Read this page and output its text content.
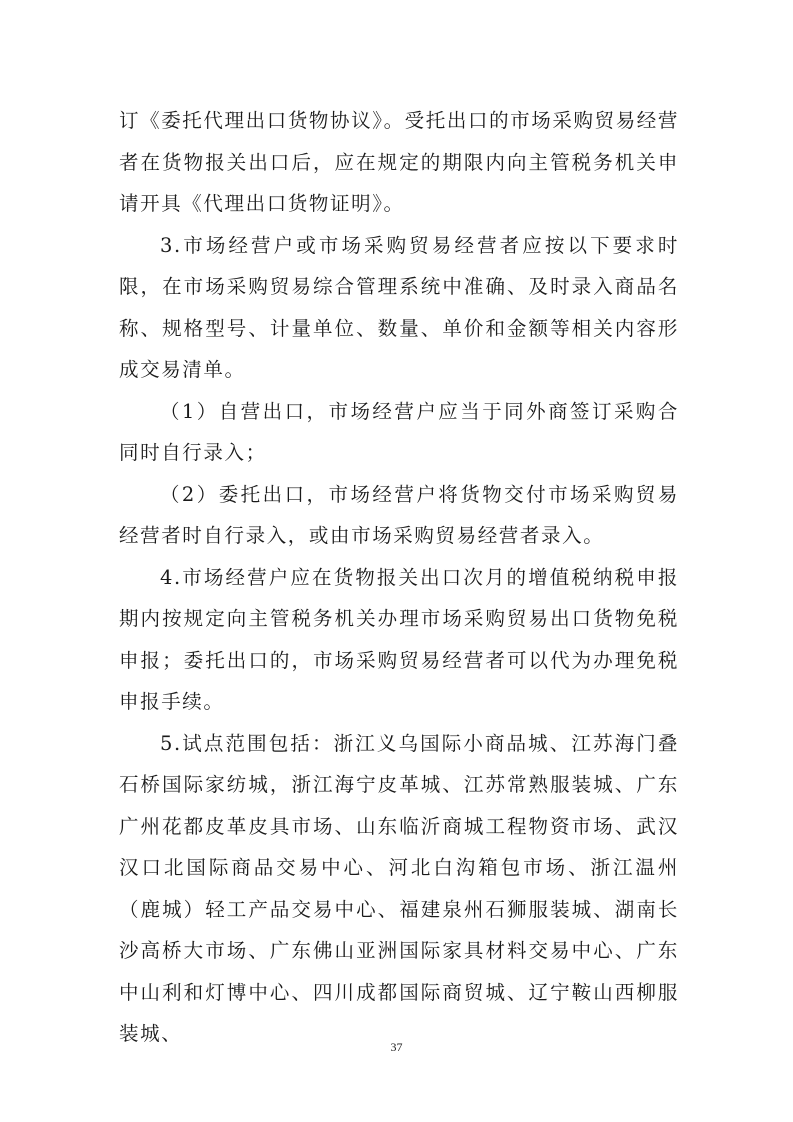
订《委托代理出口货物协议》。受托出口的市场采购贸易经营者在货物报关出口后，应在规定的期限内向主管税务机关申请开具《代理出口货物证明》。

3.市场经营户或市场采购贸易经营者应按以下要求时限，在市场采购贸易综合管理系统中准确、及时录入商品名称、规格型号、计量单位、数量、单价和金额等相关内容形成交易清单。

（1）自营出口，市场经营户应当于同外商签订采购合同时自行录入；

（2）委托出口，市场经营户将货物交付市场采购贸易经营者时自行录入，或由市场采购贸易经营者录入。

4.市场经营户应在货物报关出口次月的增值税纳税申报期内按规定向主管税务机关办理市场采购贸易出口货物免税申报；委托出口的，市场采购贸易经营者可以代为办理免税申报手续。

5.试点范围包括：浙江义乌国际小商品城、江苏海门叠石桥国际家纺城，浙江海宁皮革城、江苏常熟服装城、广东广州花都皮革皮具市场、山东临沂商城工程物资市场、武汉汉口北国际商品交易中心、河北白沟箱包市场、浙江温州（鹿城）轻工产品交易中心、福建泉州石狮服装城、湖南长沙高桥大市场、广东佛山亚洲国际家具材料交易中心、广东中山利和灯博中心、四川成都国际商贸城、辽宁鞍山西柳服装城、

37
